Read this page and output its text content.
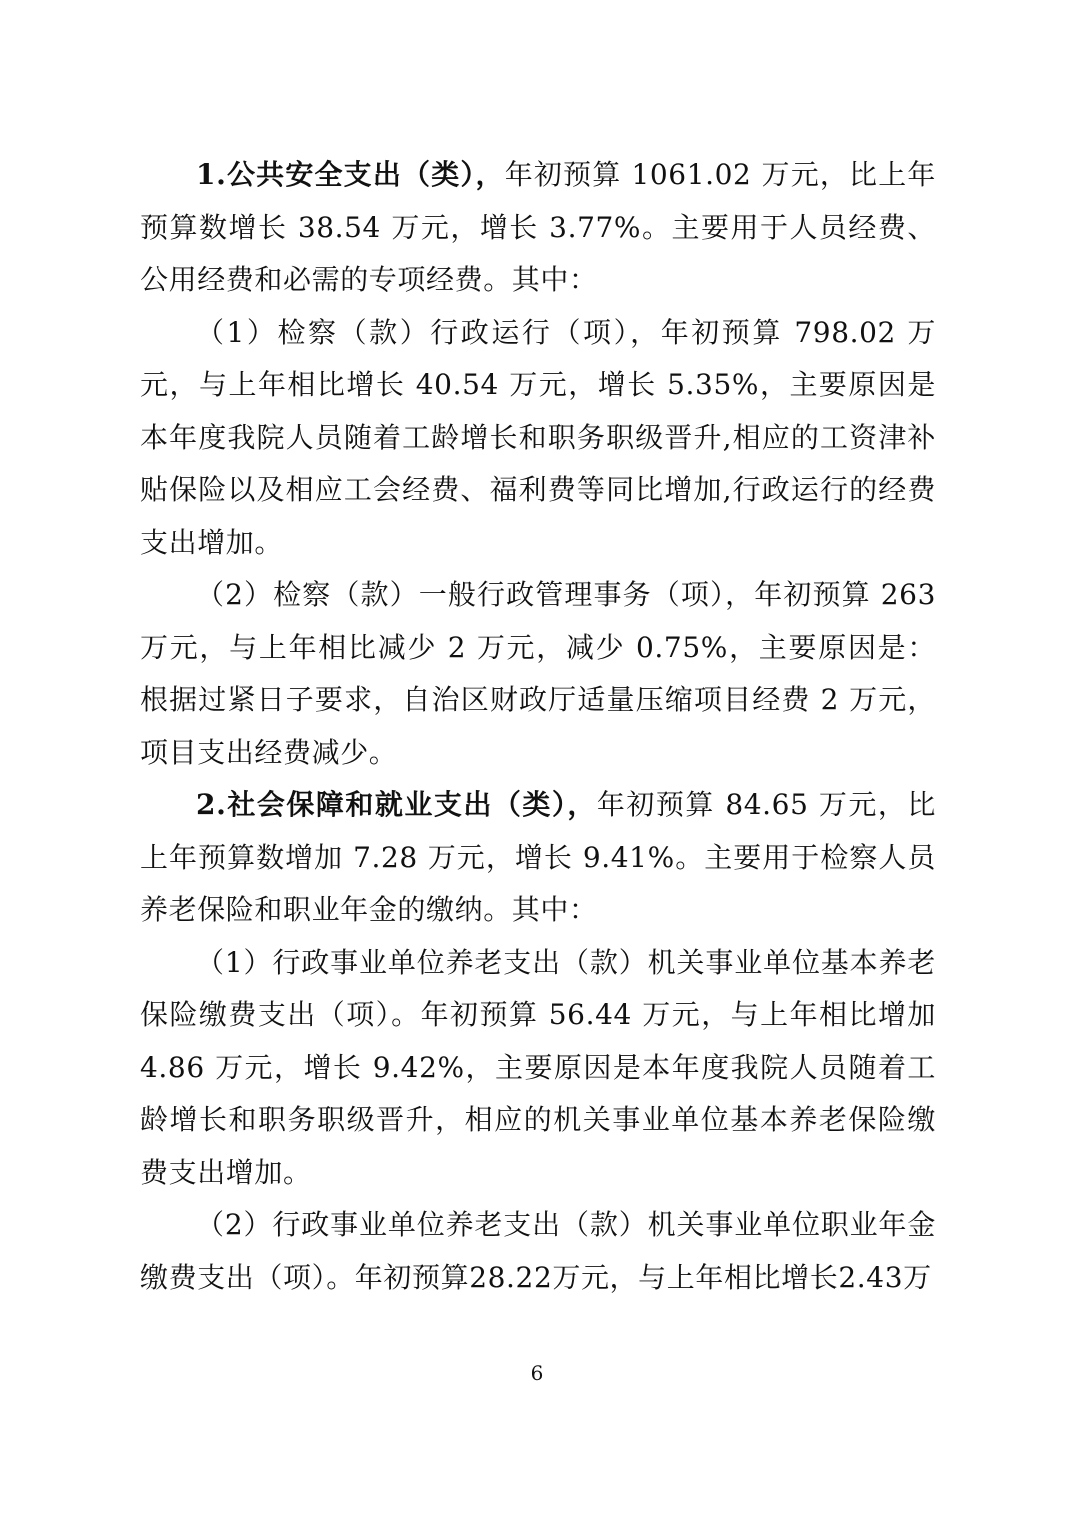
1.公共安全支出（类），年初预算 1061.02 万元，比上年预算数增长 38.54 万元，增长 3.77%。主要用于人员经费、公用经费和必需的专项经费。其中：

（1）检察（款）行政运行（项），年初预算 798.02 万元，与上年相比增长 40.54 万元，增长 5.35%，主要原因是本年度我院人员随着工龄增长和职务职级晋升,相应的工资津补贴保险以及相应工会经费、福利费等同比增加,行政运行的经费支出增加。

（2）检察（款）一般行政管理事务（项），年初预算 263 万元，与上年相比减少 2 万元，减少 0.75%，主要原因是：根据过紧日子要求，自治区财政厅适量压缩项目经费 2 万元，项目支出经费减少。

2.社会保障和就业支出（类），年初预算 84.65 万元，比上年预算数增加 7.28 万元，增长 9.41%。主要用于检察人员养老保险和职业年金的缴纳。其中：

（1）行政事业单位养老支出（款）机关事业单位基本养老保险缴费支出（项）。年初预算 56.44 万元，与上年相比增加 4.86 万元，增长 9.42%，主要原因是本年度我院人员随着工龄增长和职务职级晋升，相应的机关事业单位基本养老保险缴费支出增加。

（2）行政事业单位养老支出（款）机关事业单位职业年金缴费支出（项）。年初预算28.22万元，与上年相比增长2.43万

6
